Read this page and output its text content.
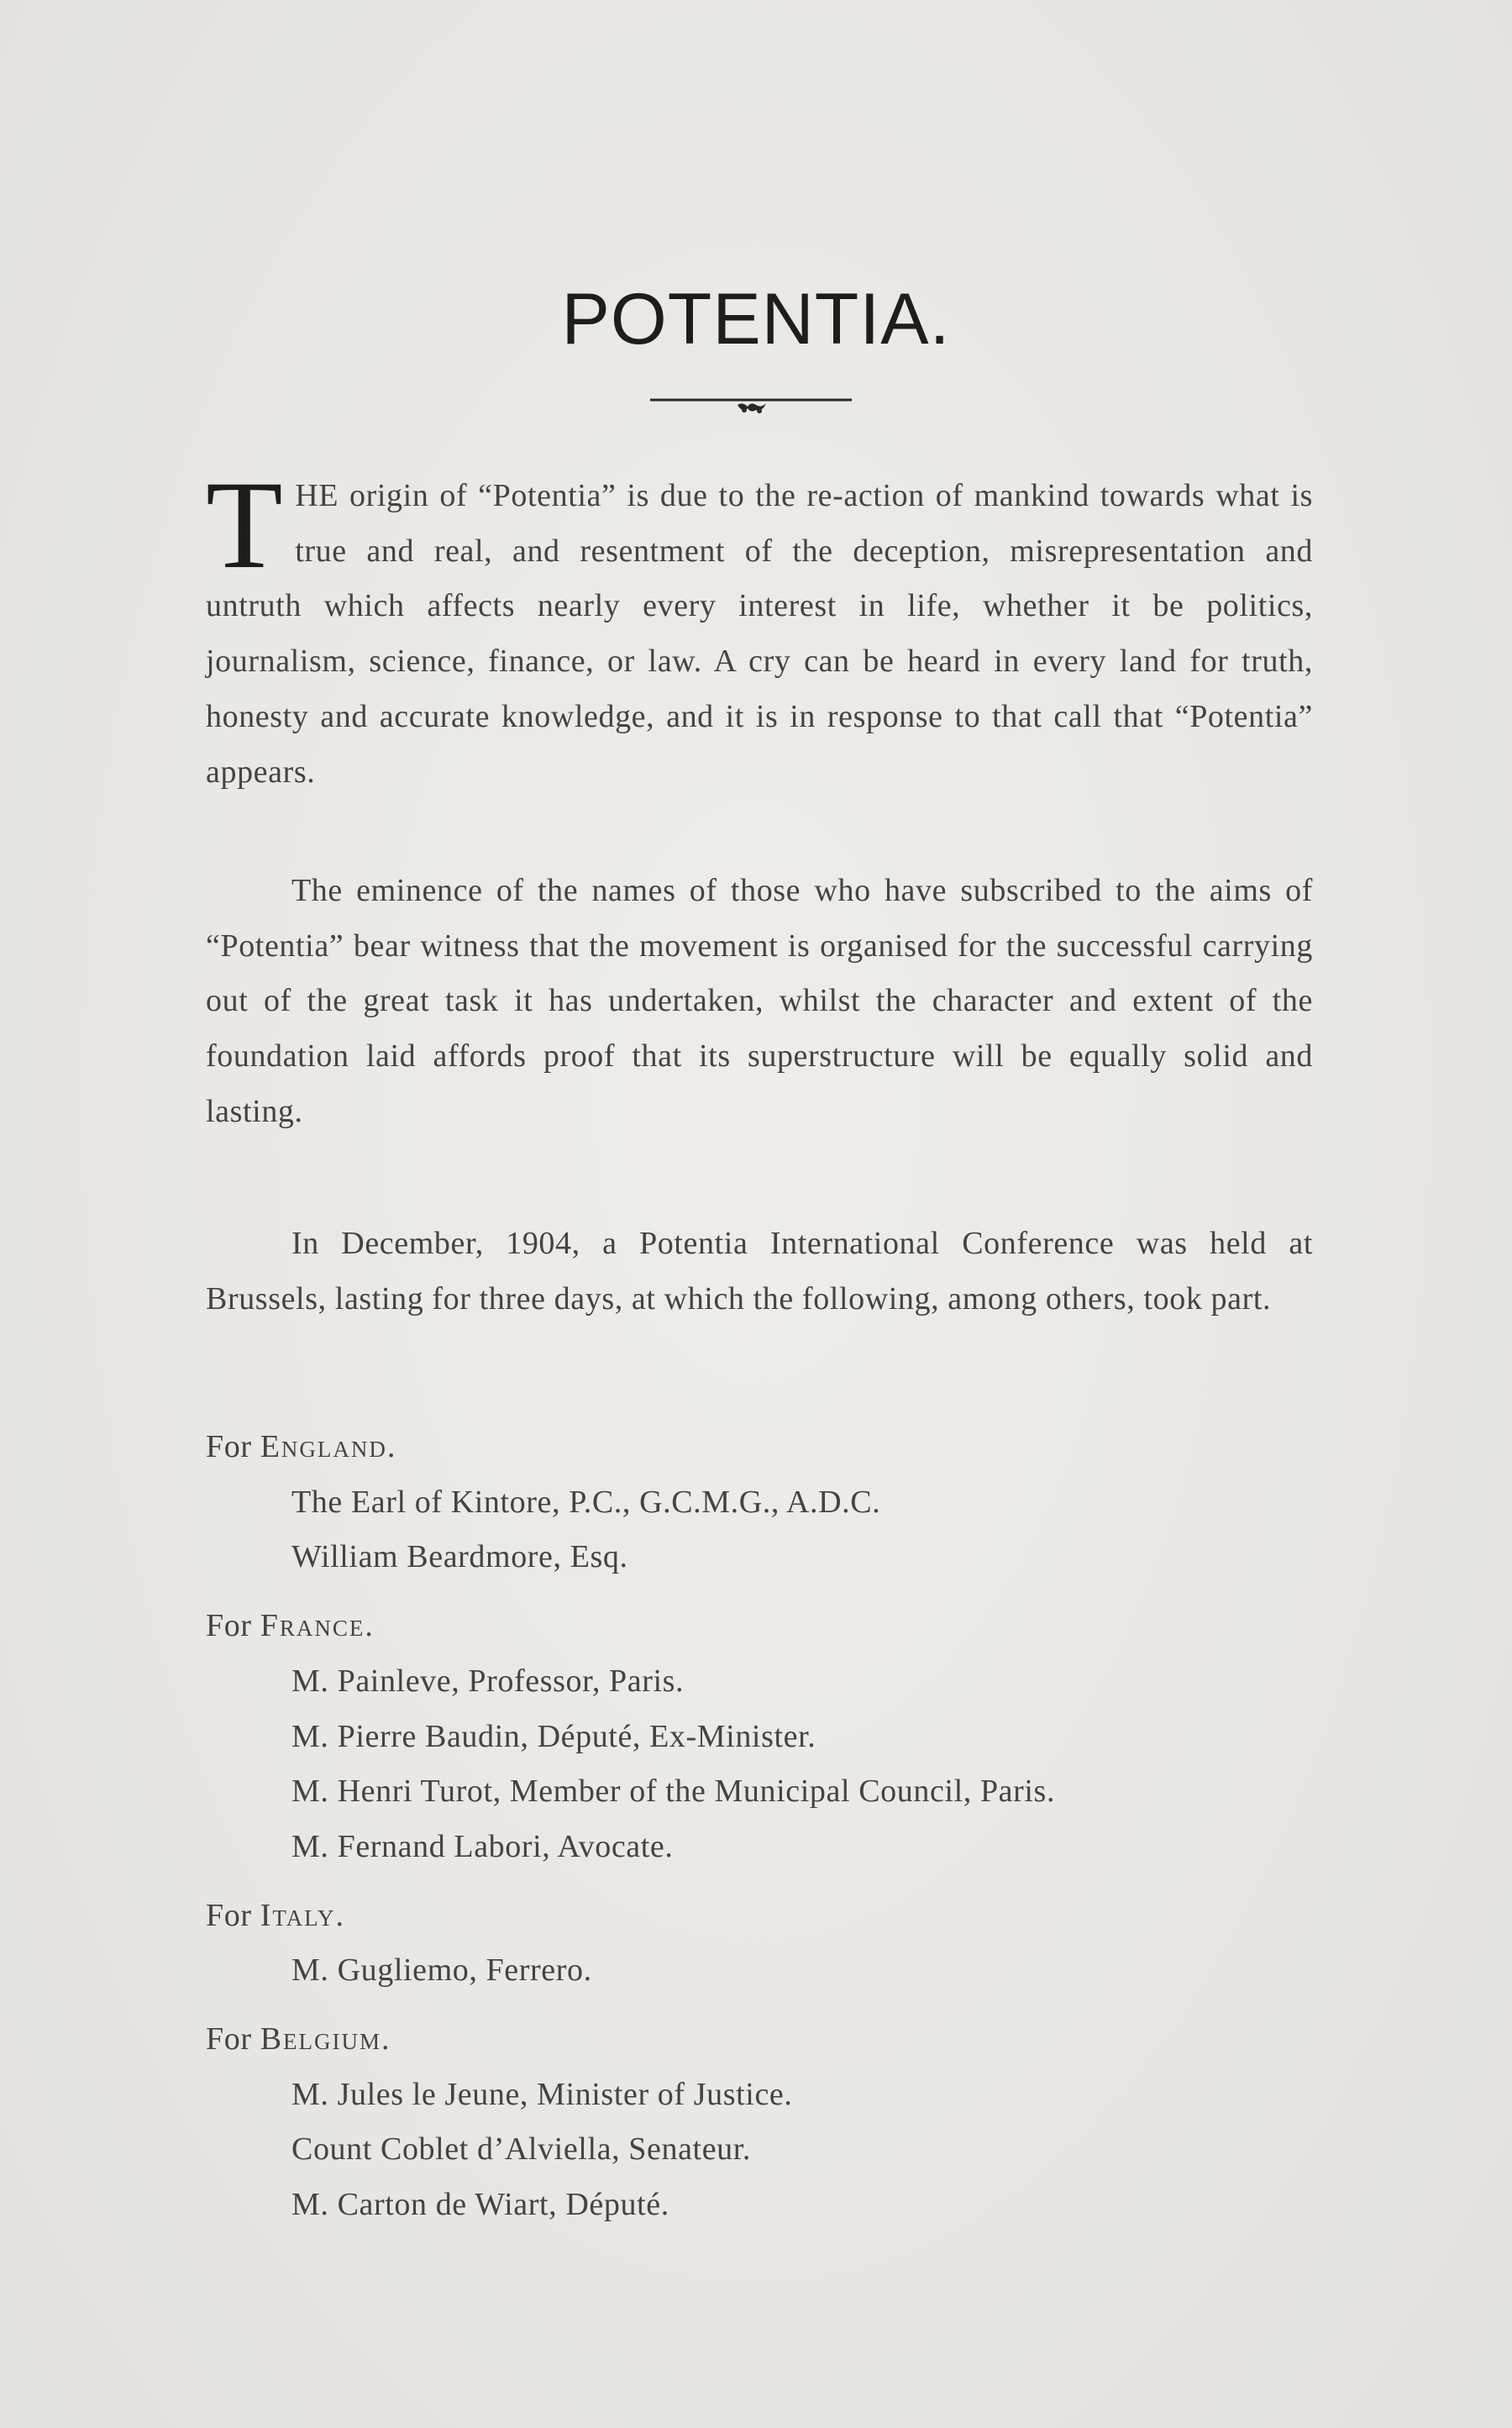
POTENTIA.

THE origin of “Potentia” is due to the re-action of mankind towards what is true and real, and resentment of the deception, misrepresentation and untruth which affects nearly every interest in life, whether it be politics, journalism, science, finance, or law. A cry can be heard in every land for truth, honesty and accurate knowledge, and it is in response to that call that “Potentia” appears.

The eminence of the names of those who have subscribed to the aims of “Potentia” bear witness that the movement is organised for the successful carrying out of the great task it has undertaken, whilst the character and extent of the foundation laid affords proof that its superstructure will be equally solid and lasting.

In December, 1904, a Potentia International Conference was held at Brussels, lasting for three days, at which the following, among others, took part.

For England.
The Earl of Kintore, P.C., G.C.M.G., A.D.C.
William Beardmore, Esq.
For France.
M. Painleve, Professor, Paris.
M. Pierre Baudin, Député, Ex-Minister.
M. Henri Turot, Member of the Municipal Council, Paris.
M. Fernand Labori, Avocate.
For Italy.
M. Gugliemo, Ferrero.
For Belgium.
M. Jules le Jeune, Minister of Justice.
Count Coblet d’Alviella, Senateur.
M. Carton de Wiart, Député.
